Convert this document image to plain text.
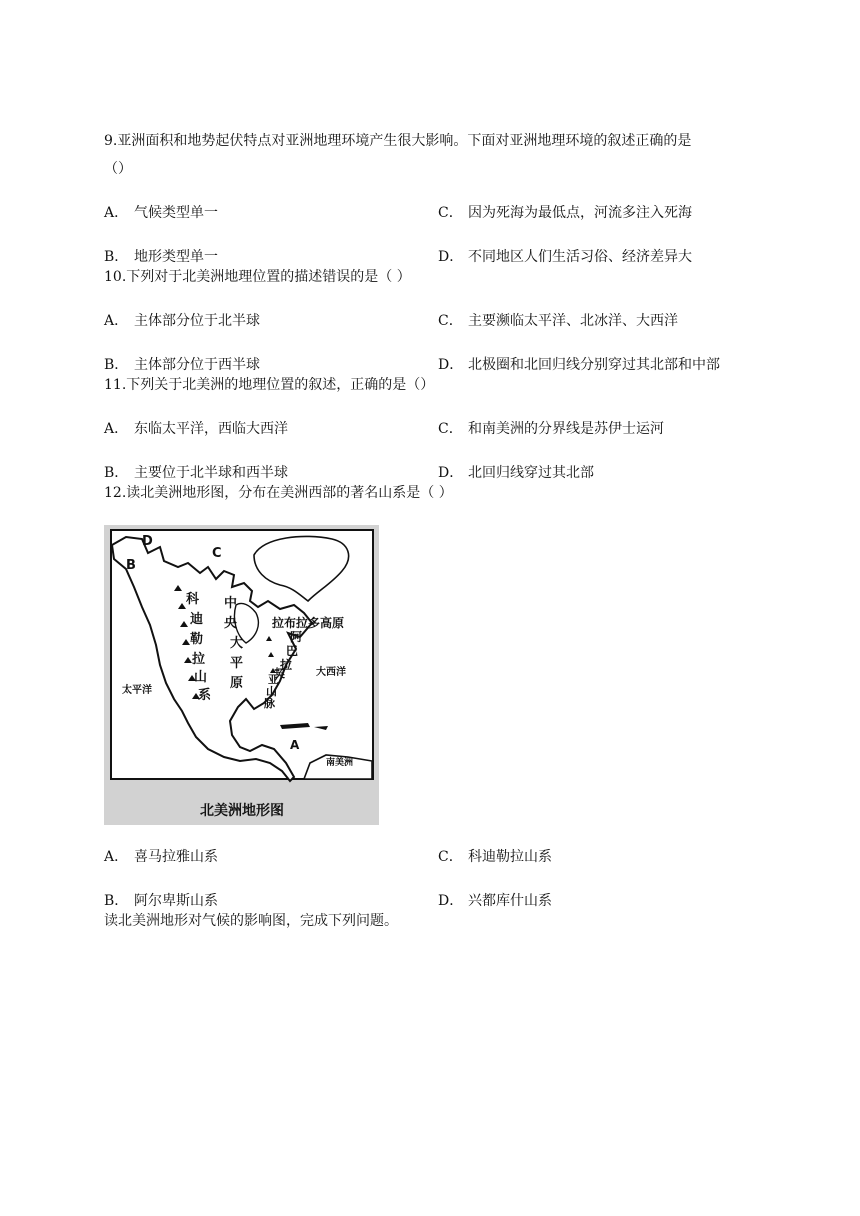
9.亚洲面积和地势起伏特点对亚洲地理环境产生很大影响。下面对亚洲地理环境的叙述正确的是
（）
A． 气候类型单一	C． 因为死海为最低点，河流多注入死海
B． 地形类型单一	D． 不同地区人们生活习俗、经济差异大
10.下列对于北美洲地理位置的描述错误的是（ ）
A． 主体部分位于北半球	C． 主要濒临太平洋、北冰洋、大西洋
B． 主体部分位于西半球	D． 北极圈和北回归线分别穿过其北部和中部
11.下列关于北美洲的地理位置的叙述，正确的是（）
A． 东临太平洋，西临大西洋	C． 和南美洲的分界线是苏伊士运河
B． 主要位于北半球和西半球	D． 北回归线穿过其北部
12.读北美洲地形图，分布在美洲西部的著名山系是（ ）
D
B
C
A
太平洋
大西洋
南美洲
拉布拉多高原
中
央
大
平
原
科
迪
勒
拉
山
系
阿
巴
拉
契
亚
山
脉
北美洲地形图
A． 喜马拉雅山系	C． 科迪勒拉山系
B． 阿尔卑斯山系	D． 兴都库什山系
读北美洲地形对气候的影响图，完成下列问题。
